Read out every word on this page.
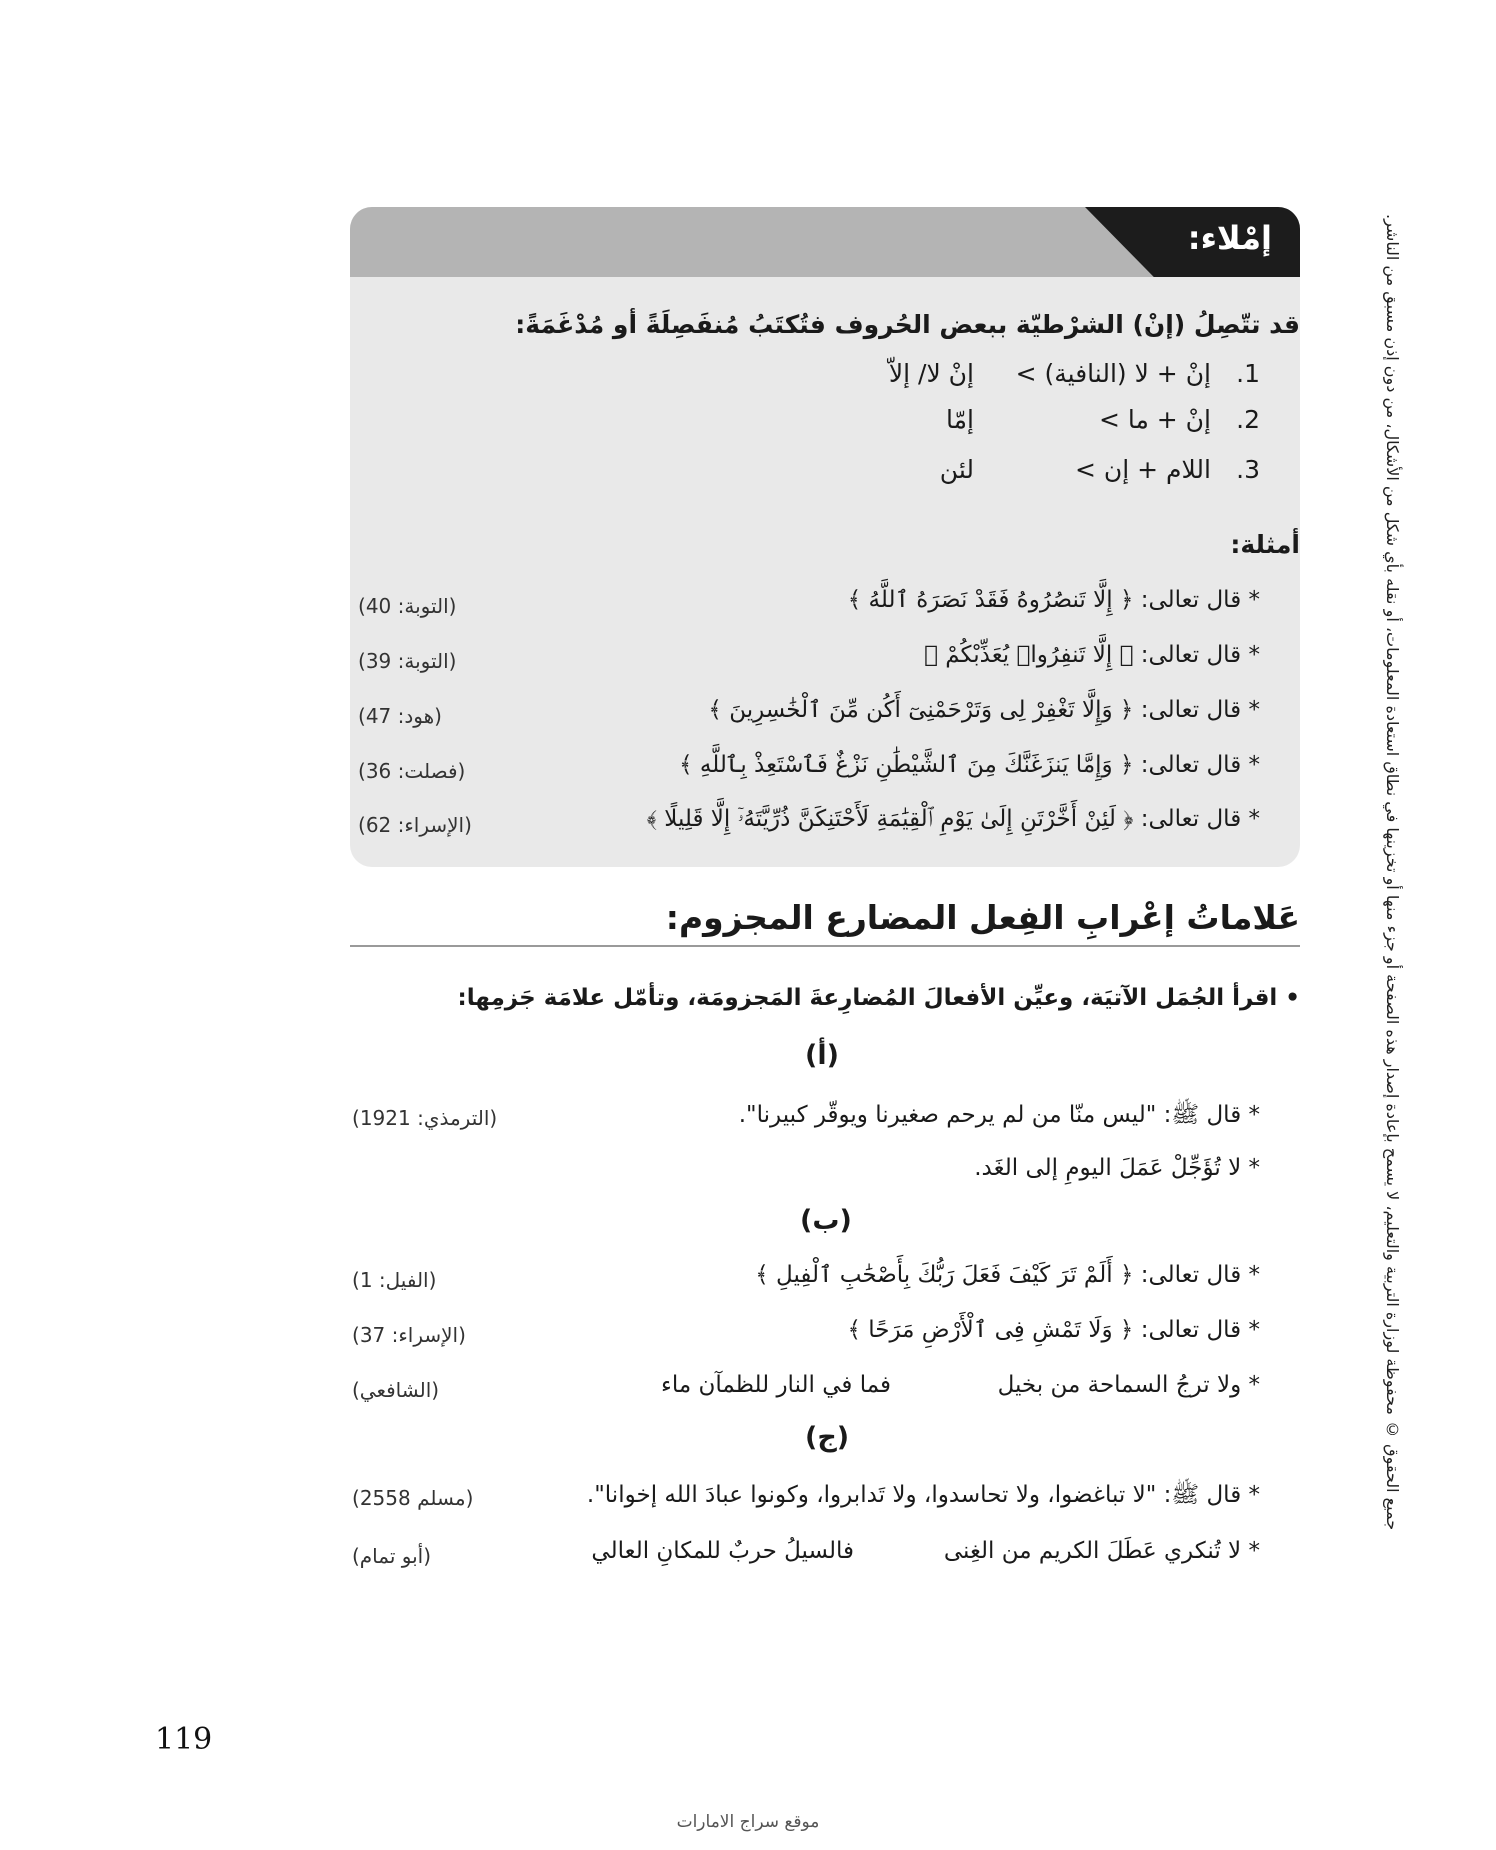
إمْلاء:
قد تتّصِلُ (إنْ) الشرْطيّة ببعض الحُروف فتُكتَبُ مُنفَصِلَةً أو مُدْغَمَةً:
.1
إنْ + لا (النافية) >
إنْ لا/ إلاّ
.2
إنْ + ما >
إمّا
.3
اللام + إن >
لئن
أمثلة:
* قال تعالى: ﴿ إِلَّا تَنصُرُوهُ فَقَدْ نَصَرَهُ ٱللَّهُ ﴾
(التوبة: 40)
* قال تعالى: ﴿ إِلَّا تَنفِرُوا۟ يُعَذِّبْكُمْ ﴾
(التوبة: 39)
* قال تعالى: ﴿ وَإِلَّا تَغْفِرْ لِى وَتَرْحَمْنِىٓ أَكُن مِّنَ ٱلْخَٰسِرِينَ ﴾
(هود: 47)
* قال تعالى: ﴿ وَإِمَّا يَنزَغَنَّكَ مِنَ ٱلشَّيْطَٰنِ نَزْغٌ فَٱسْتَعِذْ بِٱللَّهِ ﴾
(فصلت: 36)
* قال تعالى: ﴿ لَئِنْ أَخَّرْتَنِ إِلَىٰ يَوْمِ ٱلْقِيَٰمَةِ لَأَحْتَنِكَنَّ ذُرِّيَّتَهُۥٓ إِلَّا قَلِيلًا ﴾
(الإسراء: 62)
عَلاماتُ إعْرابِ الفِعل المضارع المجزوم:
• اقرأ الجُمَل الآتيَة، وعيِّن الأفعالَ المُضارِعةَ المَجزومَة، وتأمّل علامَة جَزمِها:
(أ)
* قال ﷺ: "ليس منّا من لم يرحم صغيرنا ويوقّر كبيرنا".
(الترمذي: 1921)
* لا تُؤَجِّلْ عَمَلَ اليومِ إلى الغَد.
(ب)
* قال تعالى: ﴿ أَلَمْ تَرَ كَيْفَ فَعَلَ رَبُّكَ بِأَصْحَٰبِ ٱلْفِيلِ ﴾
(الفيل: 1)
* قال تعالى: ﴿ وَلَا تَمْشِ فِى ٱلْأَرْضِ مَرَحًا ﴾
(الإسراء: 37)
* ولا ترجُ السماحة من بخيل
فما في النار للظمآن ماء
(الشافعي)
(ج)
* قال ﷺ: "لا تباغضوا، ولا تحاسدوا، ولا تَدابروا، وكونوا عبادَ الله إخوانا".
(مسلم 2558)
* لا تُنكري عَطَلَ الكريم من الغِنى
فالسيلُ حربٌ للمكانِ العالي
(أبو تمام)
جميع الحقوق © محفوظة لوزارة التربية والتعليم، لا يسمح بإعادة إصدار هذه الصفحة أو جزء منها أو تخزينها في نطاق استعادة المعلومات، أو نقله بأي شكل من الأشكال، من دون إذن مسبق من الناشر.
119
موقع سراج الامارات
